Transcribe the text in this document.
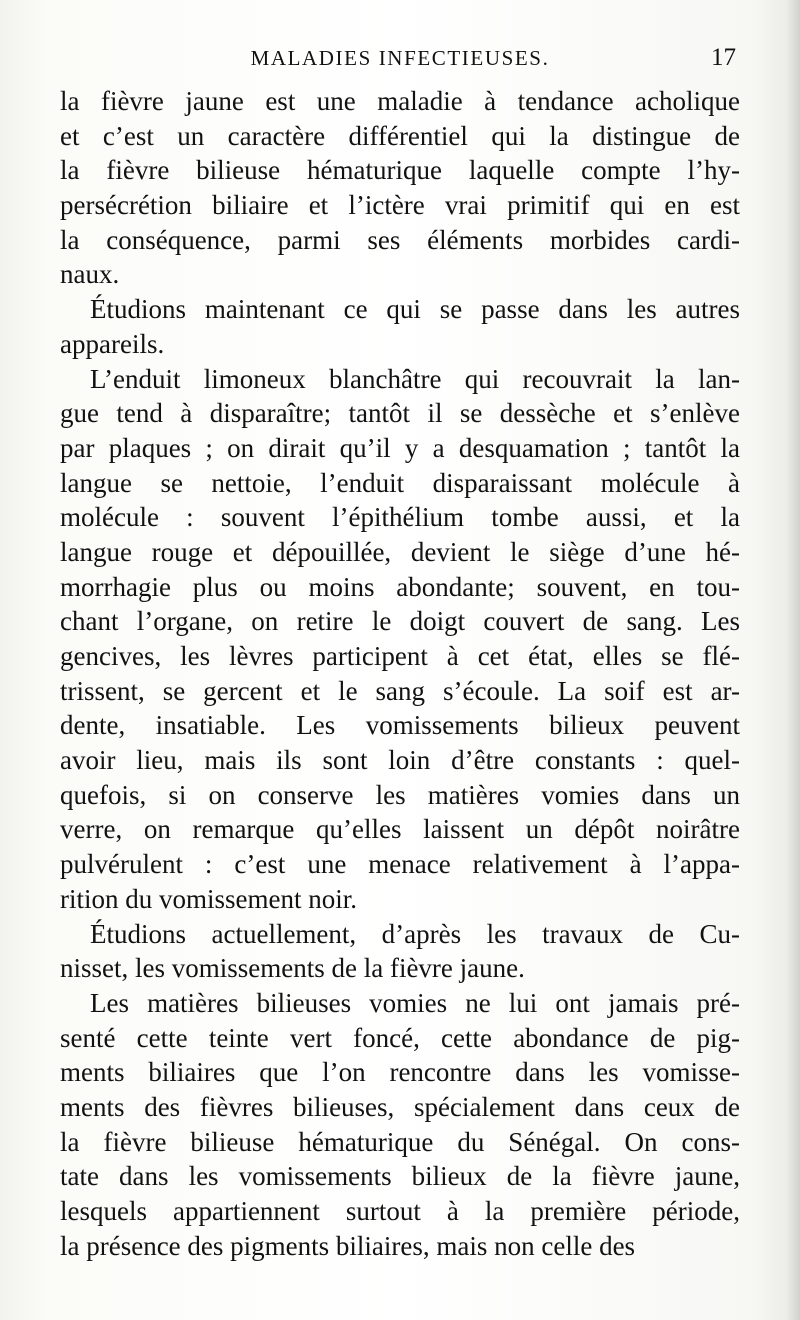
MALADIES INFECTIEUSES.	17
la fièvre jaune est une maladie à tendance acholique
et c’est un caractère différentiel qui la distingue de
la fièvre bilieuse hématurique laquelle compte l’hy-
persécrétion biliaire et l’ictère vrai primitif qui en est
la conséquence, parmi ses éléments morbides cardi-
naux.
Étudions maintenant ce qui se passe dans les autres
appareils.
L’enduit limoneux blanchâtre qui recouvrait la lan-
gue tend à disparaître; tantôt il se dessèche et s’enlève
par plaques ; on dirait qu’il y a desquamation ; tantôt la
langue se nettoie, l’enduit disparaissant molécule à
molécule : souvent l’épithélium tombe aussi, et la
langue rouge et dépouillée, devient le siège d’une hé-
morrhagie plus ou moins abondante; souvent, en tou-
chant l’organe, on retire le doigt couvert de sang. Les
gencives, les lèvres participent à cet état, elles se flé-
trissent, se gercent et le sang s’écoule. La soif est ar-
dente, insatiable. Les vomissements bilieux peuvent
avoir lieu, mais ils sont loin d’être constants : quel-
quefois, si on conserve les matières vomies dans un
verre, on remarque qu’elles laissent un dépôt noirâtre
pulvérulent : c’est une menace relativement à l’appa-
rition du vomissement noir.
Étudions actuellement, d’après les travaux de Cu-
nisset, les vomissements de la fièvre jaune.
Les matières bilieuses vomies ne lui ont jamais pré-
senté cette teinte vert foncé, cette abondance de pig-
ments biliaires que l’on rencontre dans les vomisse-
ments des fièvres bilieuses, spécialement dans ceux de
la fièvre bilieuse hématurique du Sénégal. On cons-
tate dans les vomissements bilieux de la fièvre jaune,
lesquels appartiennent surtout à la première période,
la présence des pigments biliaires, mais non celle des
